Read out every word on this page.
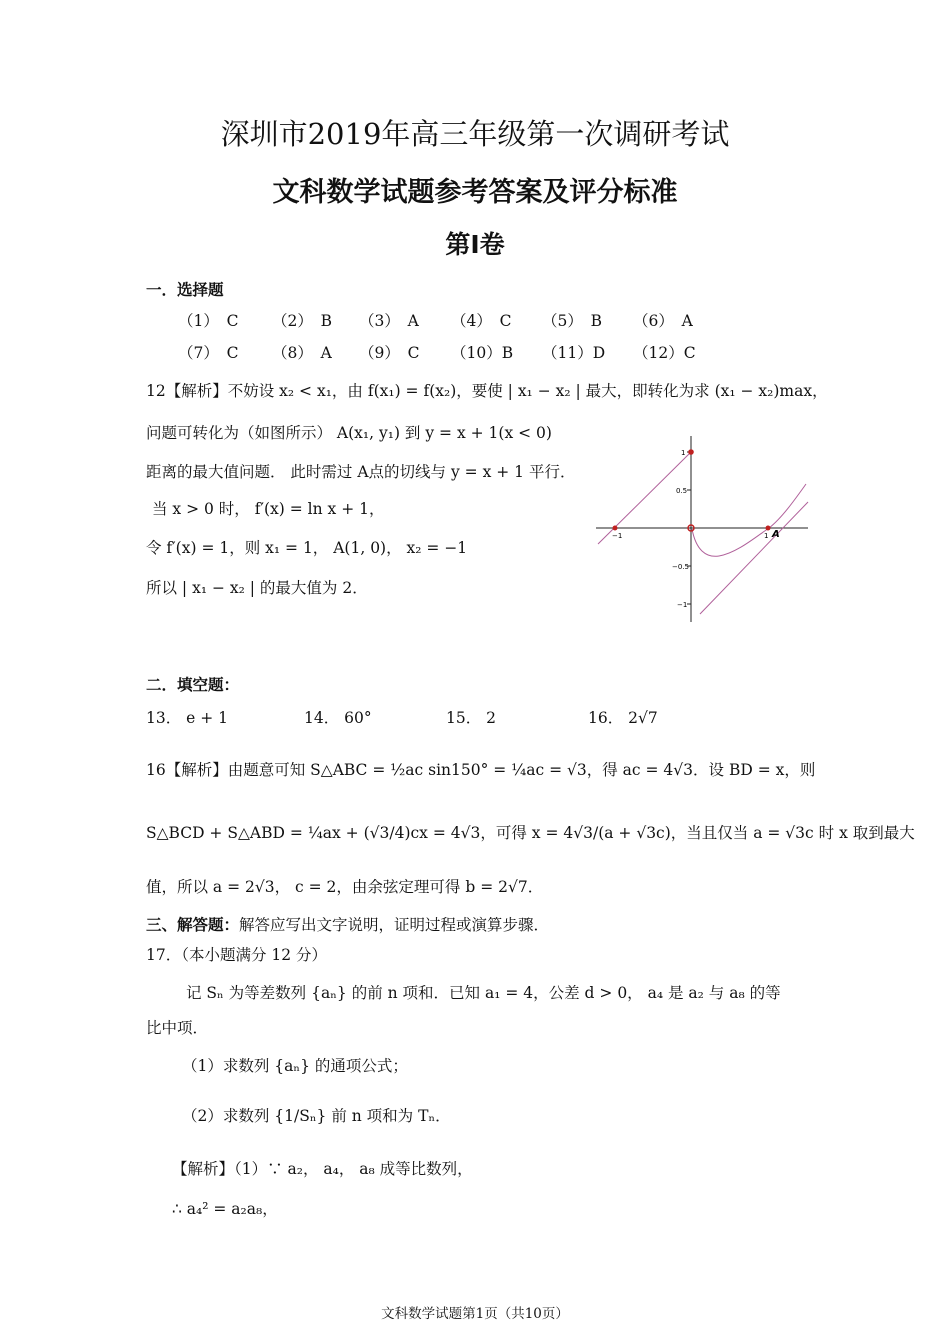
深圳市2019年高三年级第一次调研考试
文科数学试题参考答案及评分标准
第Ⅰ卷
一．选择题
（1）　C （2）　B （3）　A （4）　C （5）　B （6）　A
（7）　C （8）　A （9）　C （10）B （11）D （12）C
12【解析】不妨设 x₂ < x₁，由 f(x₁) = f(x₂)，要使 | x₁ − x₂ | 最大，即转化为求 (x₁ − x₂)max，
问题可转化为（如图所示） A(x₁, y₁) 到 y = x + 1(x < 0)
距离的最大值问题． 此时需过 A点的切线与 y = x + 1 平行．
当 x > 0 时， f′(x) = ln x + 1，
令 f′(x) = 1，则 x₁ = 1， A(1, 0)， x₂ = −1
所以 | x₁ − x₂ | 的最大值为 2．
1
0.5
−0.5
−1
−1	1 A
二．填空题：
13． e + 1	14． 60°	15． 2	16． 2√7
16【解析】由题意可知 S△ABC = ½ac sin150° = ¼ac = √3，得 ac = 4√3．设 BD = x，则
S△BCD + S△ABD = ¼ax + (√3/4)cx = 4√3，可得 x = 4√3/(a + √3c)，当且仅当 a = √3c 时 x 取到最大
值，所以 a = 2√3， c = 2，由余弦定理可得 b = 2√7．
三、解答题：解答应写出文字说明，证明过程或演算步骤．
17．（本小题满分 12 分）
记 Sₙ 为等差数列 {aₙ} 的前 n 项和．已知 a₁ = 4，公差 d > 0， a₄ 是 a₂ 与 a₈ 的等
比中项．
（1）求数列 {aₙ} 的通项公式；
（2）求数列 {1/Sₙ} 前 n 项和为 Tₙ．
【解析】（1）∵ a₂， a₄， a₈ 成等比数列，
∴ a₄² = a₂a₈，
文科数学试题第1页（共10页）
